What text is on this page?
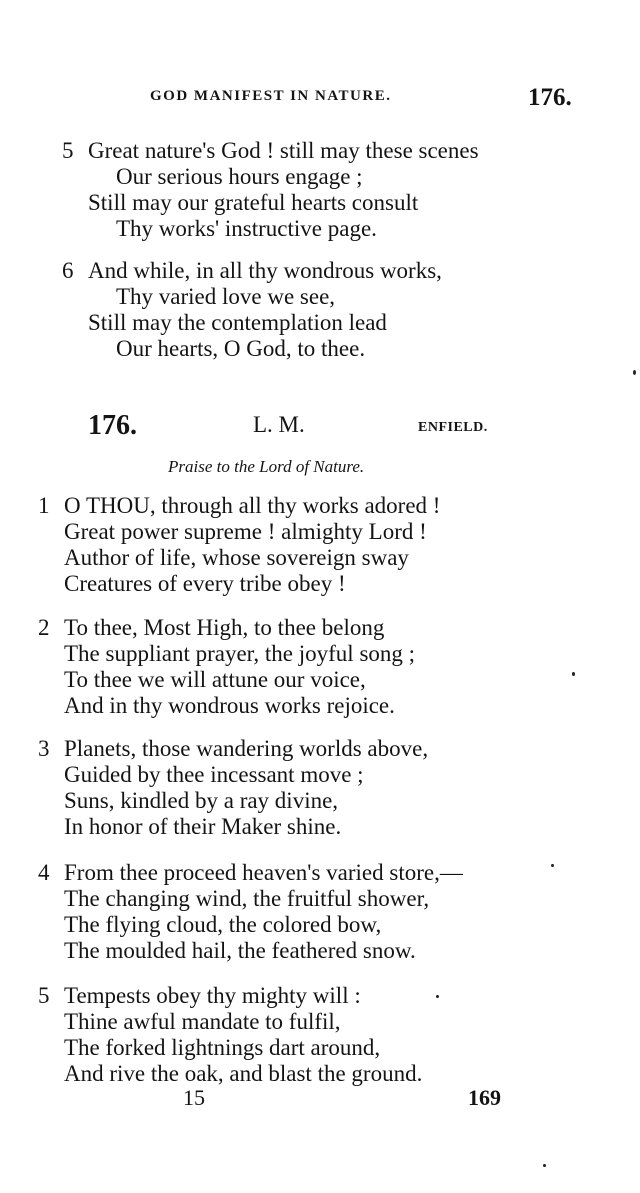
GOD MANIFEST IN NATURE.	176.
5 Great nature's God ! still may these scenes
Our serious hours engage ;
Still may our grateful hearts consult
Thy works' instructive page.
6 And while, in all thy wondrous works,
Thy varied love we see,
Still may the contemplation lead
Our hearts, O God, to thee.
176.	L. M.	ENFIELD.
Praise to the Lord of Nature.
1 O THOU, through all thy works adored !
Great power supreme ! almighty Lord !
Author of life, whose sovereign sway
Creatures of every tribe obey !
2 To thee, Most High, to thee belong
The suppliant prayer, the joyful song ;
To thee we will attune our voice,
And in thy wondrous works rejoice.
3 Planets, those wandering worlds above,
Guided by thee incessant move ;
Suns, kindled by a ray divine,
In honor of their Maker shine.
4 From thee proceed heaven's varied store,—
The changing wind, the fruitful shower,
The flying cloud, the colored bow,
The moulded hail, the feathered snow.
5 Tempests obey thy mighty will :
Thine awful mandate to fulfil,
The forked lightnings dart around,
And rive the oak, and blast the ground.
15	169
